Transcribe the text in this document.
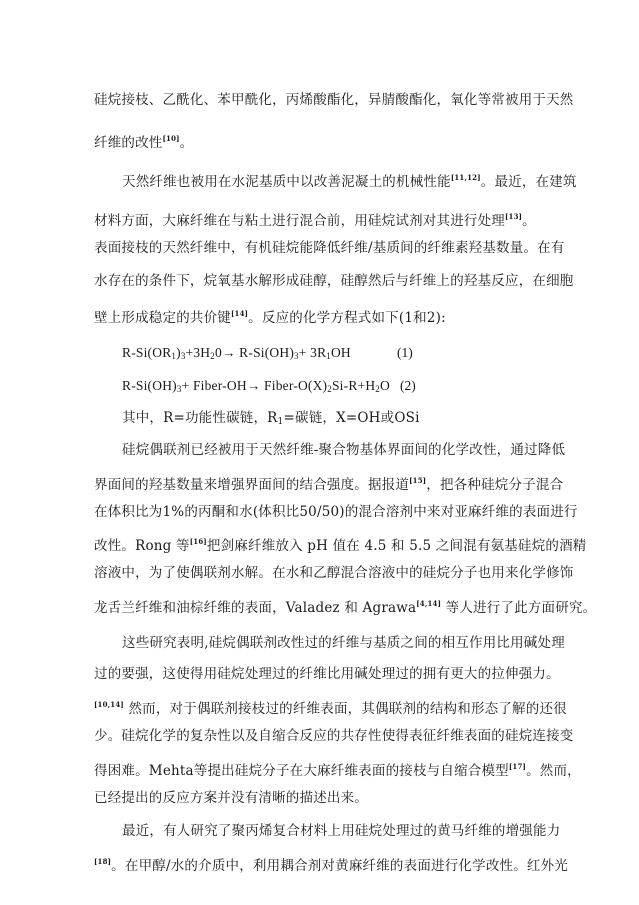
硅烷接枝、乙酰化、苯甲酰化，丙烯酸酯化，异腈酸酯化，氧化等常被用于天然
纤维的改性[10]。
天然纤维也被用在水泥基质中以改善泥凝土的机械性能[11,12]。最近，在建筑
材料方面，大麻纤维在与粘土进行混合前，用硅烷试剂对其进行处理[13]。
表面接枝的天然纤维中，有机硅烷能降低纤维/基质间的纤维素羟基数量。在有
水存在的条件下，烷氧基水解形成硅醇，硅醇然后与纤维上的羟基反应，在细胞
壁上形成稳定的共价键[14]。反应的化学方程式如下(1和2):
$R-Si(OR_1)_3+3H_20\to R-Si(OH)_3+ 3R_1OH$	(1)
$R-Si(OH)_3+$ Fiber-OH→ Fiber-$O(X)_2Si-R+H_2O$ (2)
其中，R=功能性碳链，$R_1=$碳链，X=OH或OSi
硅烷偶联剂已经被用于天然纤维-聚合物基体界面间的化学改性，通过降低
界面间的羟基数量来增强界面间的结合强度。据报道[15]，把各种硅烷分子混合
在体积比为1%的丙酮和水(体积比50/50)的混合溶剂中来对亚麻纤维的表面进行
改性。Rong 等[16]把剑麻纤维放入 pH 值在 4.5 和 5.5 之间混有氨基硅烷的酒精
溶液中，为了使偶联剂水解。在水和乙醇混合溶液中的硅烷分子也用来化学修饰
龙舌兰纤维和油棕纤维的表面，Valadez 和 Agrawa[4,14] 等人进行了此方面研究。
这些研究表明,硅烷偶联剂改性过的纤维与基质之间的相互作用比用碱处理
过的要强，这使得用硅烷处理过的纤维比用碱处理过的拥有更大的拉伸强力。
[10,14] 然而，对于偶联剂接枝过的纤维表面，其偶联剂的结构和形态了解的还很
少。硅烷化学的复杂性以及自缩合反应的共存性使得表征纤维表面的硅烷连接变
得困难。Mehta等提出硅烷分子在大麻纤维表面的接枝与自缩合模型[17]。然而，
已经提出的反应方案并没有清晰的描述出来。
最近，有人研究了聚丙烯复合材料上用硅烷处理过的黄马纤维的增强能力
[18]。在甲醇/水的介质中，利用耦合剂对黄麻纤维的表面进行化学改性。红外光
